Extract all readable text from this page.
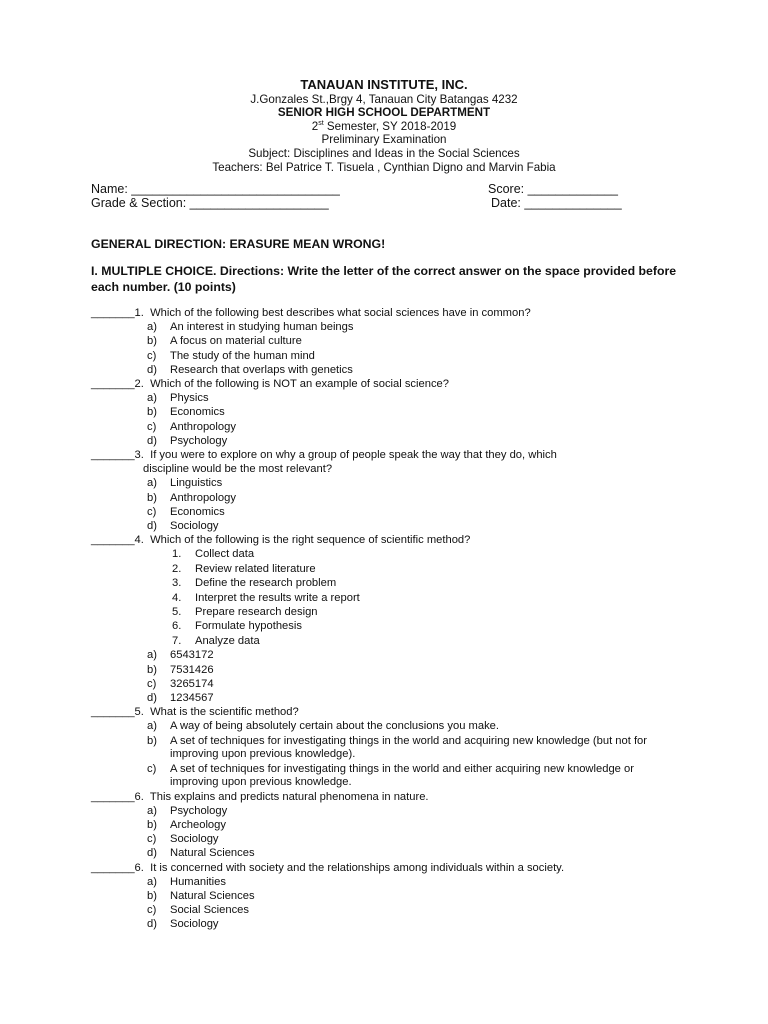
TANAUAN INSTITUTE, INC.
J.Gonzales St.,Brgy 4, Tanauan City Batangas 4232
SENIOR HIGH SCHOOL DEPARTMENT
2st Semester, SY 2018-2019
Preliminary Examination
Subject: Disciplines and Ideas in the Social Sciences
Teachers: Bel Patrice T. Tisuela , Cynthian Digno and Marvin Fabia
Name: ______________________________	Score: _____________
Grade & Section: ____________________	Date: ______________
GENERAL DIRECTION: ERASURE MEAN WRONG!
I. MULTIPLE CHOICE. Directions: Write the letter of the correct answer on the space provided before each number. (10 points)
_______1. Which of the following best describes what social sciences have in common?
a) An interest in studying human beings
b) A focus on material culture
c) The study of the human mind
d) Research that overlaps with genetics
_______2. Which of the following is NOT an example of social science?
a) Physics
b) Economics
c) Anthropology
d) Psychology
_______3. If you were to explore on why a group of people speak the way that they do, which
discipline would be the most relevant?
a) Linguistics
b) Anthropology
c) Economics
d) Sociology
_______4. Which of the following is the right sequence of scientific method?
1. Collect data
2. Review related literature
3. Define the research problem
4. Interpret the results write a report
5. Prepare research design
6. Formulate hypothesis
7. Analyze data
a) 6543172
b) 7531426
c) 3265174
d) 1234567
_______5. What is the scientific method?
a) A way of being absolutely certain about the conclusions you make.
b) A set of techniques for investigating things in the world and acquiring new knowledge (but not for improving upon previous knowledge).
c) A set of techniques for investigating things in the world and either acquiring new knowledge or improving upon previous knowledge.
_______6. This explains and predicts natural phenomena in nature.
a) Psychology
b) Archeology
c) Sociology
d) Natural Sciences
_______6. It is concerned with society and the relationships among individuals within a society.
a) Humanities
b) Natural Sciences
c) Social Sciences
d) Sociology
